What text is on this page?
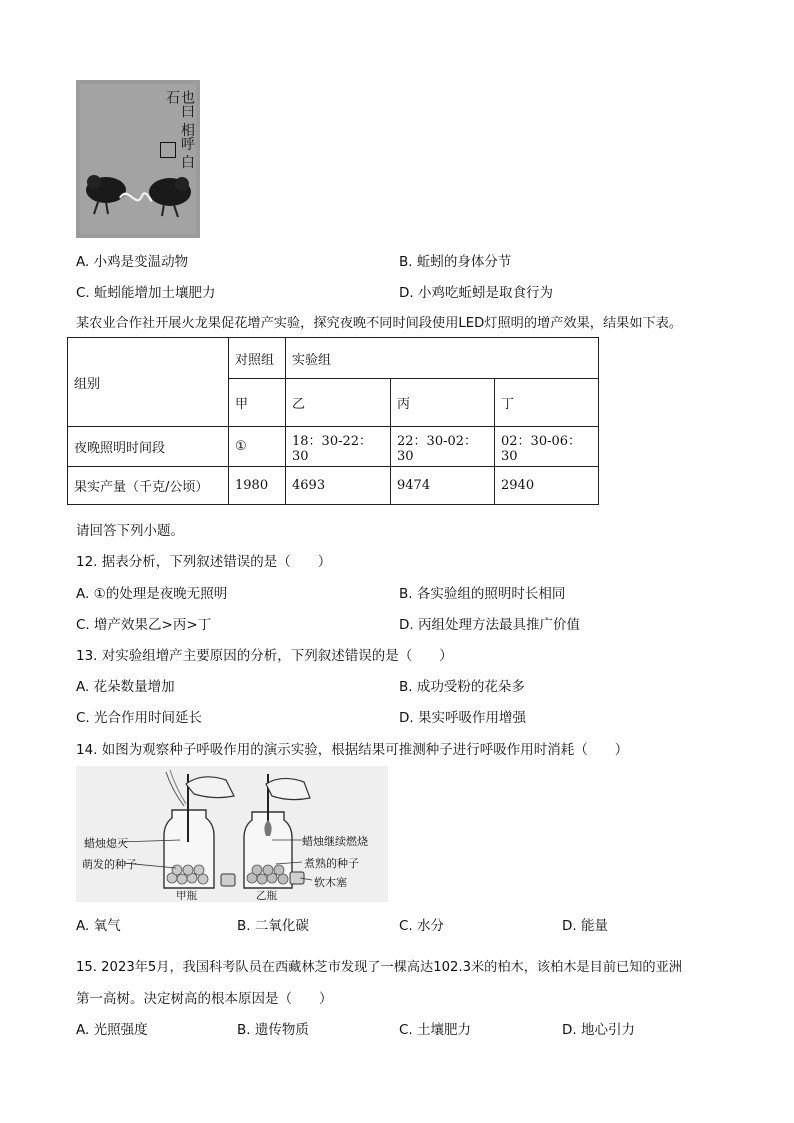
也曰 相呼 白石
A. 小鸡是变温动物	B. 蚯蚓的身体分节
C. 蚯蚓能增加土壤肥力	D. 小鸡吃蚯蚓是取食行为
某农业合作社开展火龙果促花增产实验，探究夜晚不同时间段使用LED灯照明的增产效果，结果如下表。
组别	对照组	实验组		
	甲	乙	丙	丁
夜晚照明时间段	①	18：30-22：30	22：30-02：30	02：30-06：30
果实产量（千克/公顷）	1980	4693	9474	2940
请回答下列小题。
12. 据表分析，下列叙述错误的是（　　）
A. ①的处理是夜晚无照明	B. 各实验组的照明时长相同
C. 增产效果乙>丙>丁	D. 丙组处理方法最具推广价值
13. 对实验组增产主要原因的分析，下列叙述错误的是（　　）
A. 花朵数量增加	B. 成功受粉的花朵多
C. 光合作用时间延长	D. 果实呼吸作用增强
14. 如图为观察种子呼吸作用的演示实验，根据结果可推测种子进行呼吸作用时消耗（　　）
蜡烛熄灭
萌发的种子
蜡烛继续燃烧
煮熟的种子
软木塞
甲瓶	乙瓶
A. 氧气	B. 二氧化碳	C. 水分	D. 能量
15. 2023年5月，我国科考队员在西藏林芝市发现了一棵高达102.3米的柏木，该柏木是目前已知的亚洲
第一高树。决定树高的根本原因是（　　）
A. 光照强度	B. 遗传物质	C. 土壤肥力	D. 地心引力
